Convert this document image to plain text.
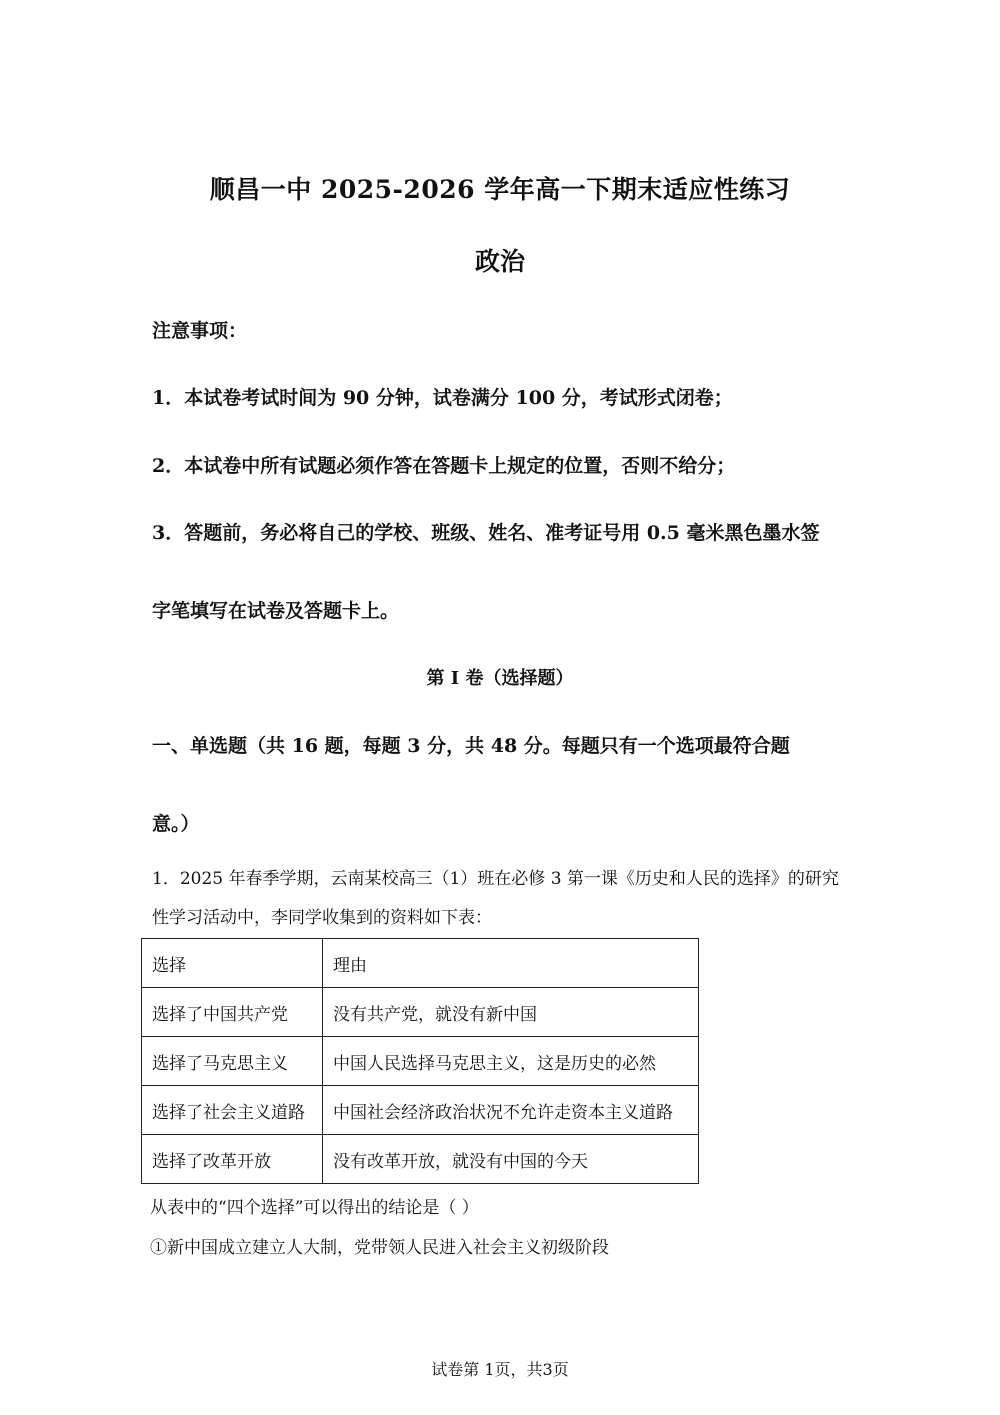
顺昌一中 2025-2026 学年高一下期末适应性练习
政治
注意事项：
1．本试卷考试时间为 90 分钟，试卷满分 100 分，考试形式闭卷；
2．本试卷中所有试题必须作答在答题卡上规定的位置，否则不给分；
3．答题前，务必将自己的学校、班级、姓名、准考证号用 0.5 毫米黑色墨水签
字笔填写在试卷及答题卡上。
第 I 卷（选择题）
一、单选题（共 16 题，每题 3 分，共 48 分。每题只有一个选项最符合题
意。）
1．2025 年春季学期，云南某校高三（1）班在必修 3 第一课《历史和人民的选择》的研究
性学习活动中，李同学收集到的资料如下表：
选择	理由
选择了中国共产党	没有共产党，就没有新中国
选择了马克思主义	中国人民选择马克思主义，这是历史的必然
选择了社会主义道路	中国社会经济政治状况不允许走资本主义道路
选择了改革开放	没有改革开放，就没有中国的今天
从表中的“四个选择”可以得出的结论是（ ）
①新中国成立建立人大制，党带领人民进入社会主义初级阶段
试卷第 1页，共3页
